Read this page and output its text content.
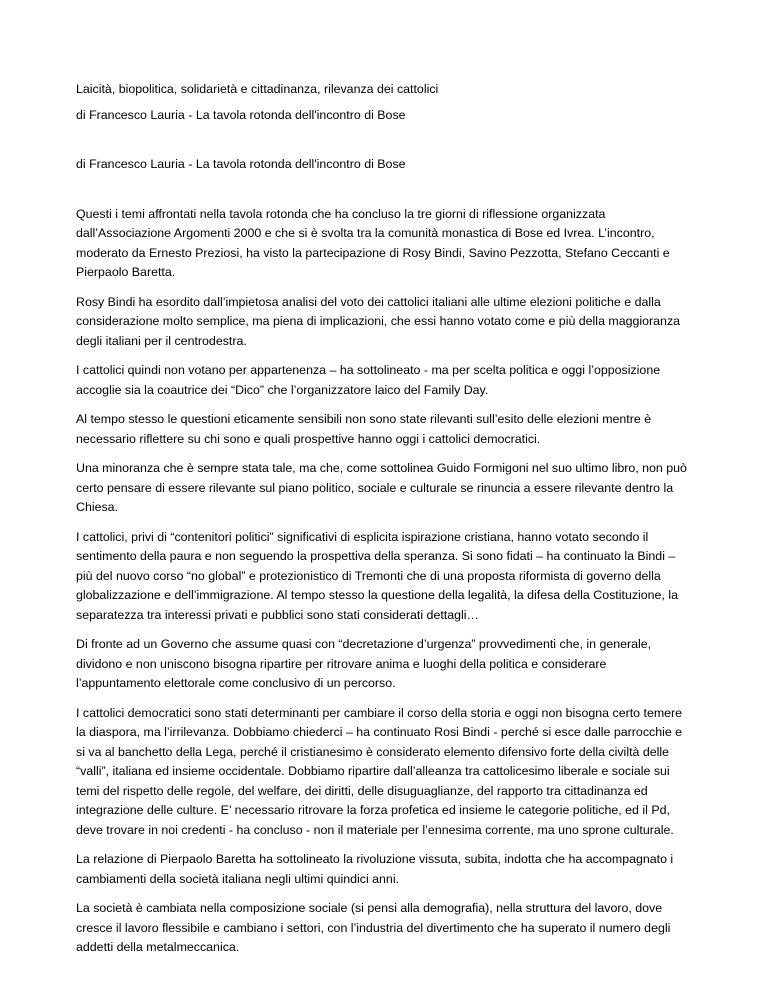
Laicità, biopolitica, solidarietà e cittadinanza, rilevanza dei cattolici

di Francesco Lauria - La tavola rotonda dell'incontro di Bose

di Francesco Lauria - La tavola rotonda dell'incontro di Bose

Questi i temi affrontati nella tavola rotonda che ha concluso la tre giorni di riflessione organizzata dall’Associazione Argomenti 2000 e che si è svolta tra la comunità monastica di Bose ed Ivrea. L’incontro, moderato da Ernesto Preziosi, ha visto la partecipazione di Rosy Bindi, Savino Pezzotta, Stefano Ceccanti e Pierpaolo Baretta.

Rosy Bindi ha esordito dall’impietosa analisi del voto dei cattolici italiani alle ultime elezioni politiche e dalla considerazione molto semplice, ma piena di implicazioni, che essi hanno votato come e più della maggioranza degli italiani per il centrodestra.

I cattolici quindi non votano per appartenenza – ha sottolineato - ma per scelta politica e oggi l’opposizione accoglie sia la coautrice dei “Dico” che l’organizzatore laico del Family Day.

Al tempo stesso le questioni eticamente sensibili non sono state rilevanti sull’esito delle elezioni mentre è necessario riflettere su chi sono e quali prospettive hanno oggi i cattolici democratici.

Una minoranza che è sempre stata tale, ma che, come sottolinea Guido Formigoni nel suo ultimo libro, non può certo pensare di essere rilevante sul piano politico, sociale e culturale se rinuncia a essere rilevante dentro la Chiesa.

I cattolici, privi di “contenitori politici” significativi di esplicita ispirazione cristiana, hanno votato secondo il sentimento della paura e non seguendo la prospettiva della speranza. Si sono fidati – ha continuato la Bindi – più del nuovo corso “no global” e protezionistico di Tremonti che di una proposta riformista di governo della globalizzazione e dell’immigrazione. Al tempo stesso la questione della legalità, la difesa della Costituzione, la separatezza tra interessi privati e pubblici sono stati considerati dettagli…

Di fronte ad un Governo che assume quasi con “decretazione d’urgenza” provvedimenti che, in generale, dividono e non uniscono bisogna ripartire per ritrovare anima e luoghi della politica e considerare l’appuntamento elettorale come conclusivo di un percorso.

I cattolici democratici sono stati determinanti per cambiare il corso della storia e oggi non bisogna certo temere la diaspora, ma l’irrilevanza. Dobbiamo chiederci – ha continuato Rosi Bindi - perché si esce dalle parrocchie e si va al banchetto della Lega, perché il cristianesimo è considerato elemento difensivo forte della civiltà delle “valli”, italiana ed insieme occidentale. Dobbiamo ripartire dall’alleanza tra cattolicesimo liberale e sociale sui temi del rispetto delle regole, del welfare, dei diritti, delle disuguaglianze, del rapporto tra cittadinanza ed integrazione delle culture. E’ necessario ritrovare la forza profetica ed insieme le categorie politiche, ed il Pd, deve trovare in noi credenti - ha concluso - non il materiale per l’ennesima corrente, ma uno sprone culturale.

La relazione di Pierpaolo Baretta ha sottolineato la rivoluzione vissuta, subita, indotta che ha accompagnato i cambiamenti della società italiana negli ultimi quindici anni.

La società è cambiata nella composizione sociale (si pensi alla demografia), nella struttura del lavoro, dove cresce il lavoro flessibile e cambiano i settori, con l’industria del divertimento che ha superato il numero degli addetti della metalmeccanica.
